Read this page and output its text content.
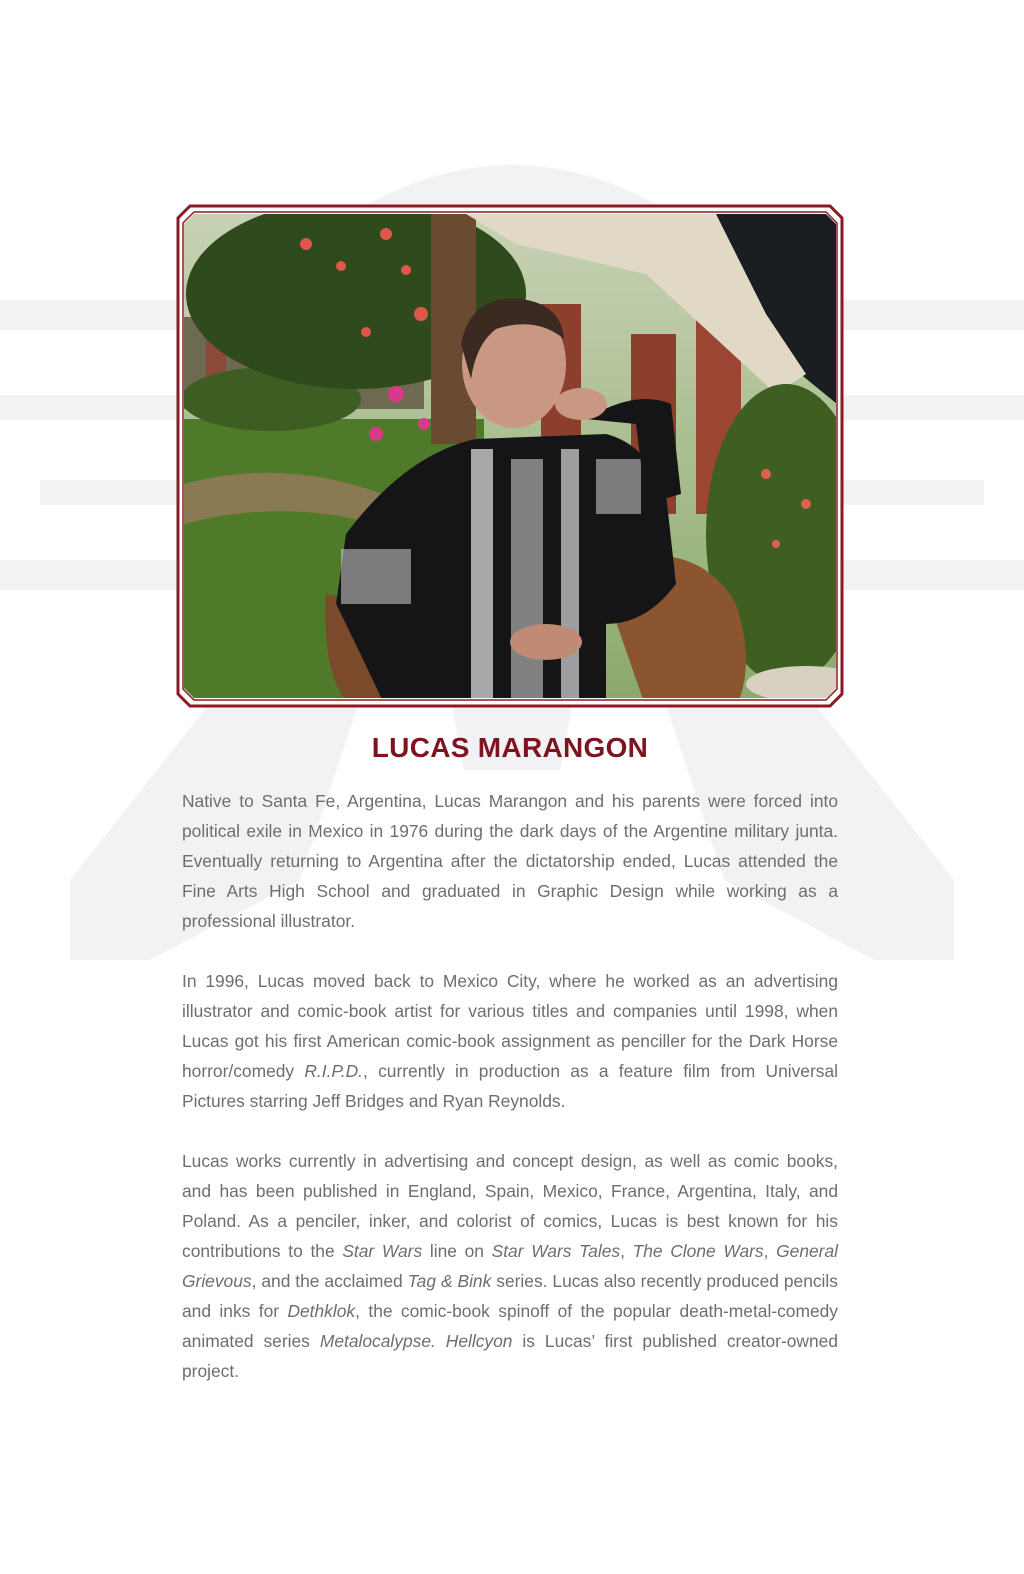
LUCAS MARANGON

Native to Santa Fe, Argentina, Lucas Marangon and his parents were forced into political exile in Mexico in 1976 during the dark days of the Argentine military junta. Eventually returning to Argentina after the dictatorship ended, Lucas attended the Fine Arts High School and graduated in Graphic Design while working as a professional illustrator.

In 1996, Lucas moved back to Mexico City, where he worked as an advertising illustrator and comic-book artist for various titles and companies until 1998, when Lucas got his first American comic-book assignment as penciller for the Dark Horse horror/comedy R.I.P.D., currently in production as a feature film from Universal Pictures starring Jeff Bridges and Ryan Reynolds.

Lucas works currently in advertising and concept design, as well as comic books, and has been published in England, Spain, Mexico, France, Argentina, Italy, and Poland. As a penciler, inker, and colorist of comics, Lucas is best known for his contributions to the Star Wars line on Star Wars Tales, The Clone Wars, General Grievous, and the acclaimed Tag & Bink series. Lucas also recently produced pencils and inks for Dethklok, the comic-book spinoff of the popular death-metal-comedy animated series Metalocalypse. Hellcyon is Lucas’ first published creator-owned project.
